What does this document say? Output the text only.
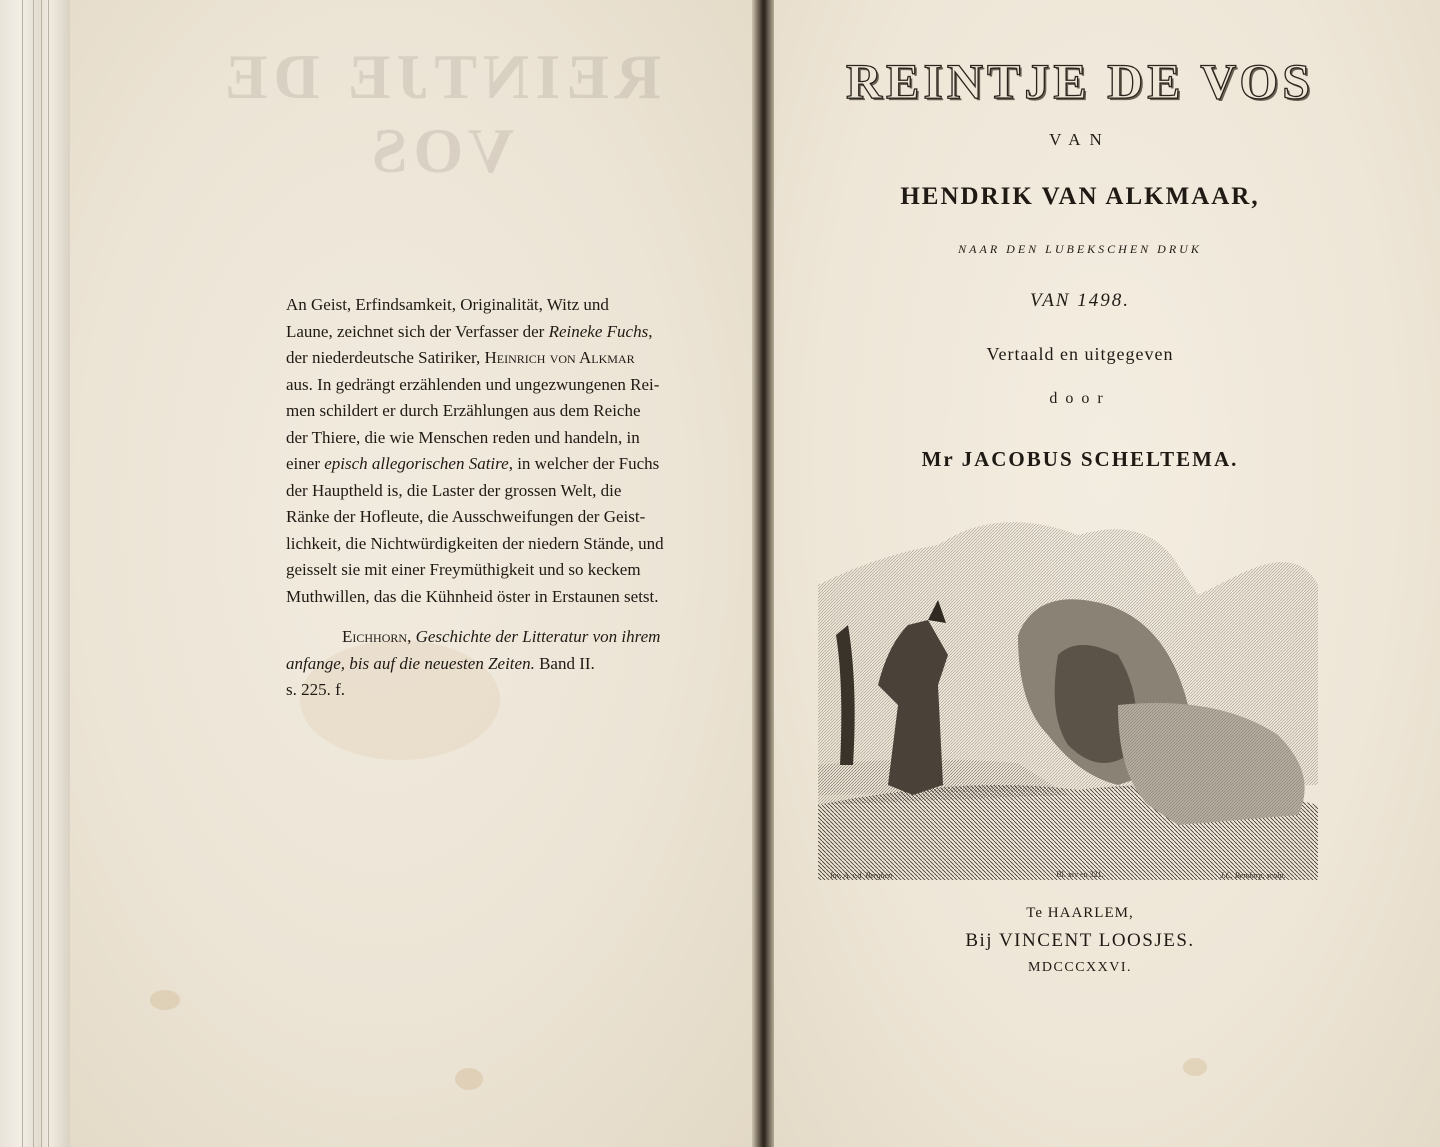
REINTJE DE VOS

An Geist, Erfindsamkeit, Originalität, Witz und

Laune, zeichnet sich der Verfasser der Reineke Fuchs,

der niederdeutsche Satiriker, Heinrich von Alkmar

aus. In gedrängt erzählenden und ungezwungenen Rei-

men schildert er durch Erzählungen aus dem Reiche

der Thiere, die wie Menschen reden und handeln, in

einer episch allegorischen Satire, in welcher der Fuchs

der Hauptheld is, die Laster der grossen Welt, die

Ränke der Hofleute, die Ausschweifungen der Geist-

lichkeit, die Nichtwürdigkeiten der niedern Stände, und

geisselt sie mit einer Freymüthigkeit und so keckem

Muthwillen, das die Kühnheid öster in Erstaunen setst.

Eichhorn, Geschichte der Litteratur von ihrem

anfange, bis auf die neuesten Zeiten. Band II.

s. 225. f.

REINTJE DE VOS
VAN
HENDRIK VAN ALKMAAR,
NAAR DEN LUBEKSCHEN DRUK
VAN 1498.
Vertaald en uitgegeven
door
Mr JACOBUS SCHELTEMA.
Inv. A. v.d. Berghen	Bl. xiv en 321.	J.C. Bendorp, sculp.
Te HAARLEM,
Bij VINCENT LOOSJES.
MDCCCXXVI.
